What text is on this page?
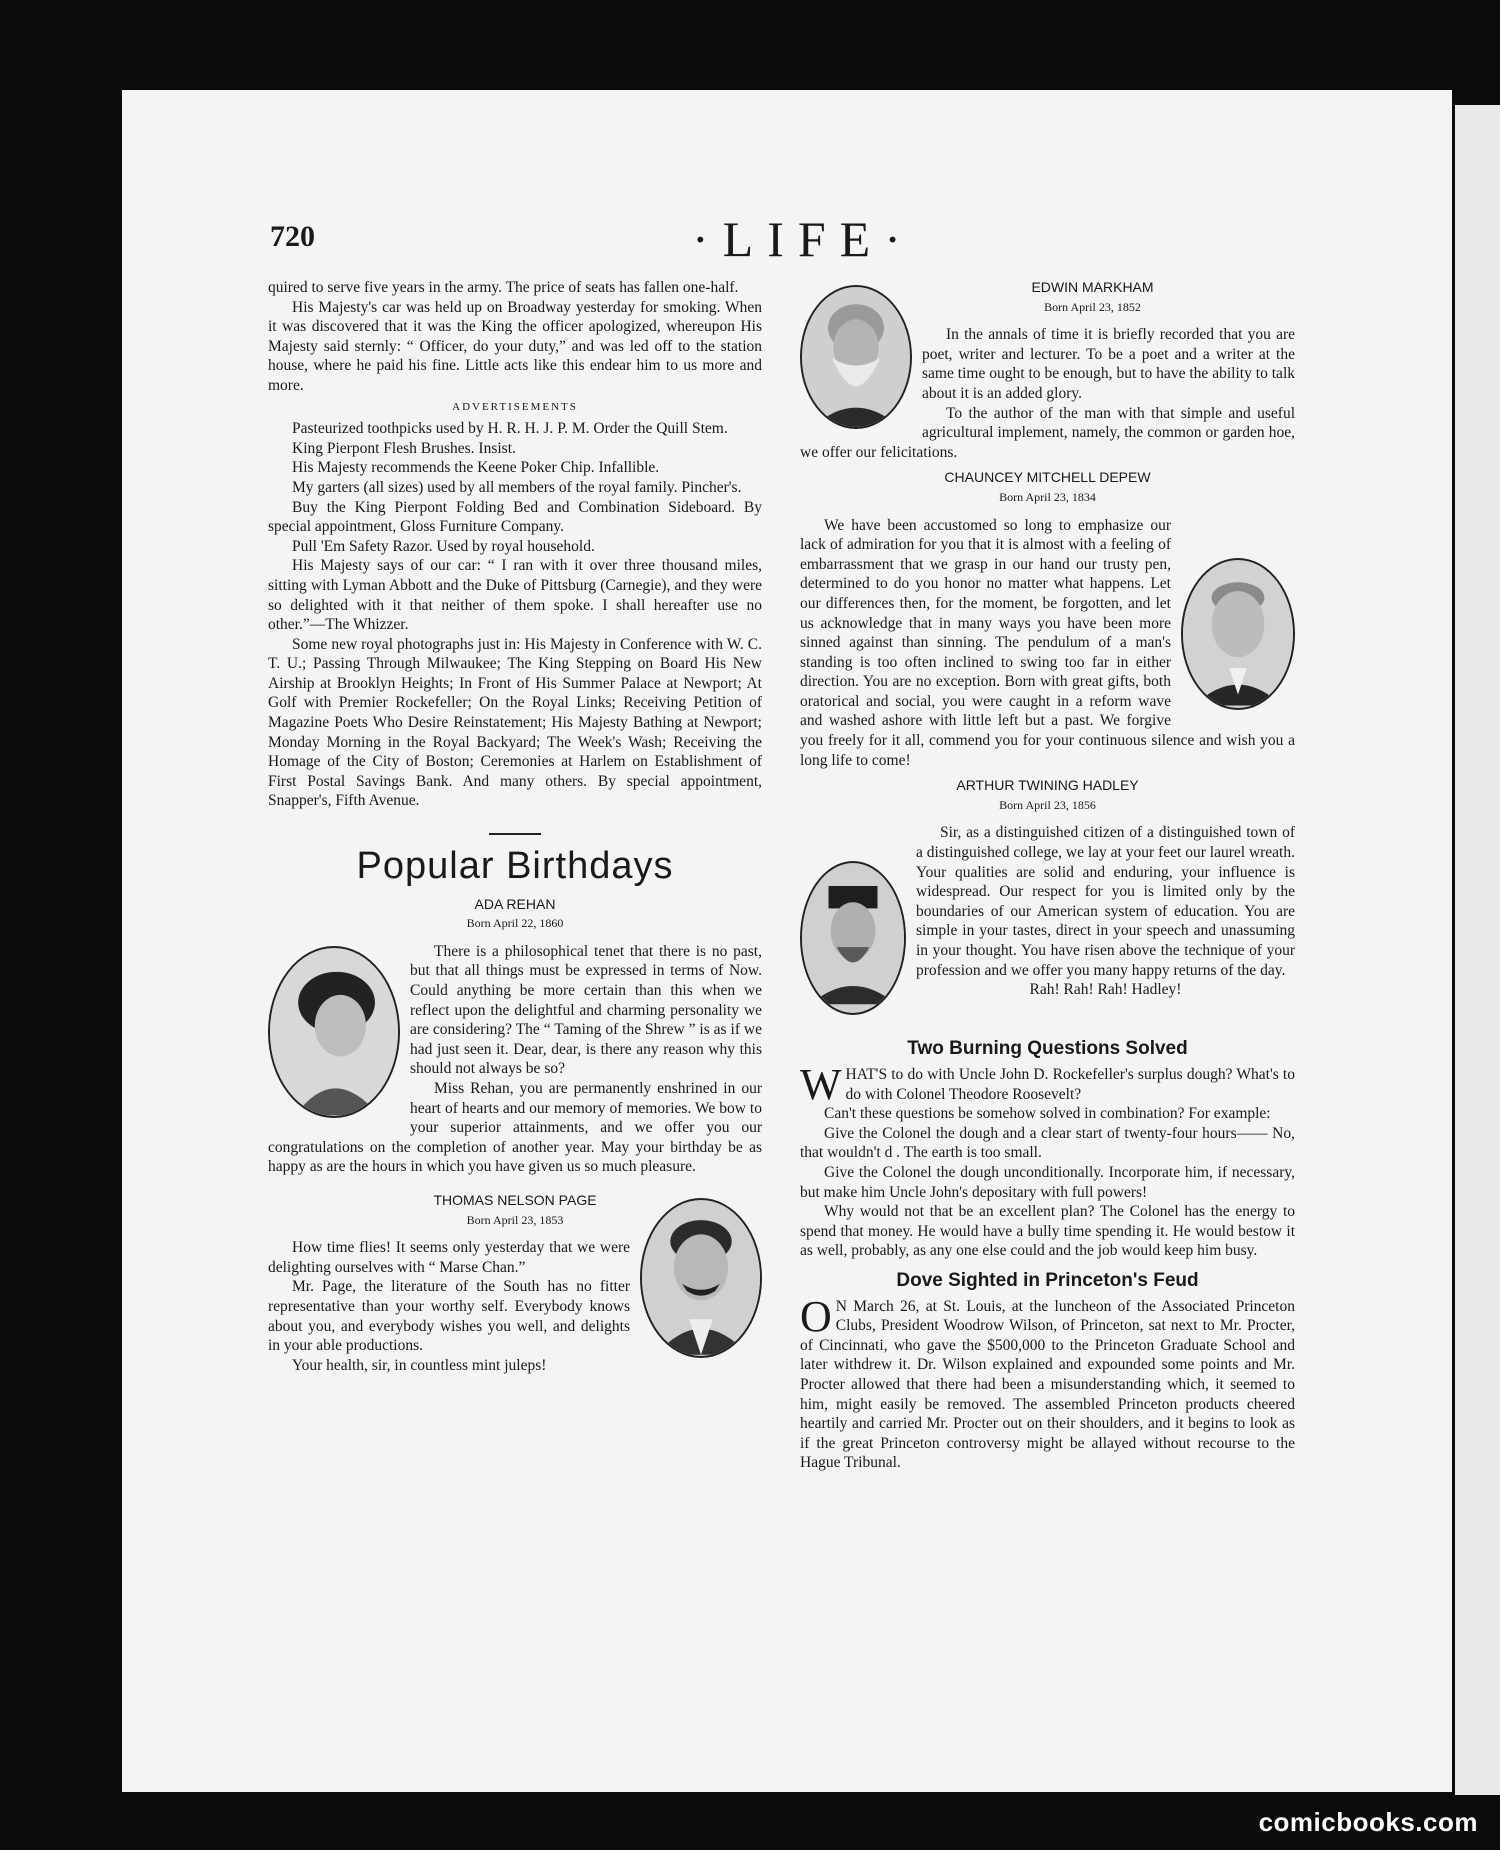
720	·LIFE·

quired to serve five years in the army. The price of seats has fallen one-half.

His Majesty's car was held up on Broadway yesterday for smoking. When it was discovered that it was the King the officer apologized, whereupon His Majesty said sternly: “ Officer, do your duty,” and was led off to the station house, where he paid his fine. Little acts like this endear him to us more and more.

ADVERTISEMENTS

Pasteurized toothpicks used by H. R. H. J. P. M. Order the Quill Stem.

King Pierpont Flesh Brushes. Insist.

His Majesty recommends the Keene Poker Chip. Infallible.

My garters (all sizes) used by all members of the royal family. Pincher's.

Buy the King Pierpont Folding Bed and Combination Sideboard. By special appointment, Gloss Furniture Company.

Pull 'Em Safety Razor. Used by royal household.

His Majesty says of our car: “ I ran with it over three thousand miles, sitting with Lyman Abbott and the Duke of Pittsburg (Carnegie), and they were so delighted with it that neither of them spoke. I shall hereafter use no other.”—The Whizzer.

Some new royal photographs just in: His Majesty in Conference with W. C. T. U.; Passing Through Milwaukee; The King Stepping on Board His New Airship at Brooklyn Heights; In Front of His Summer Palace at Newport; At Golf with Premier Rockefeller; On the Royal Links; Receiving Petition of Magazine Poets Who Desire Reinstatement; His Majesty Bathing at Newport; Monday Morning in the Royal Backyard; The Week's Wash; Receiving the Homage of the City of Boston; Ceremonies at Harlem on Establishment of First Postal Savings Bank. And many others. By special appointment, Snapper's, Fifth Avenue.

Popular Birthdays
ADA REHAN
Born April 22, 1860

There is a philosophical tenet that there is no past, but that all things must be expressed in terms of Now. Could anything be more certain than this when we reflect upon the delightful and charming personality we are considering? The “ Taming of the Shrew ” is as if we had just seen it. Dear, dear, is there any reason why this should not always be so?

Miss Rehan, you are permanently enshrined in our heart of hearts and our memory of memories. We bow to your superior attainments, and we offer you our congratulations on the completion of another year. May your birthday be as happy as are the hours in which you have given us so much pleasure.

THOMAS NELSON PAGE
Born April 23, 1853

How time flies! It seems only yesterday that we were delighting ourselves with “ Marse Chan.”

Mr. Page, the literature of the South has no fitter representative than your worthy self. Everybody knows about you, and everybody wishes you well, and delights in your able productions.

Your health, sir, in countless mint juleps!

EDWIN MARKHAM
Born April 23, 1852

In the annals of time it is briefly recorded that you are poet, writer and lecturer. To be a poet and a writer at the same time ought to be enough, but to have the ability to talk about it is an added glory.

To the author of the man with that simple and useful agricultural implement, namely, the common or garden hoe, we offer our felicitations.

CHAUNCEY MITCHELL DEPEW
Born April 23, 1834

We have been accustomed so long to emphasize our lack of admiration for you that it is almost with a feeling of embarrassment that we grasp in our hand our trusty pen, determined to do you honor no matter what happens. Let our differences then, for the moment, be forgotten, and let us acknowledge that in many ways you have been more sinned against than sinning. The pendulum of a man's standing is too often inclined to swing too far in either direction. You are no exception. Born with great gifts, both oratorical and social, you were caught in a reform wave and washed ashore with little left but a past. We forgive you freely for it all, commend you for your continuous silence and wish you a long life to come!

ARTHUR TWINING HADLEY
Born April 23, 1856

Sir, as a distinguished citizen of a distinguished town of a distinguished college, we lay at your feet our laurel wreath. Your qualities are solid and enduring, your influence is widespread. Our respect for you is limited only by the boundaries of our American system of education. You are simple in your tastes, direct in your speech and unassuming in your thought. You have risen above the technique of your profession and we offer you many happy returns of the day.

Rah! Rah! Rah! Hadley!

Two Burning Questions Solved

WHAT'S to do with Uncle John D. Rockefeller's surplus dough? What's to do with Colonel Theodore Roosevelt?

Can't these questions be somehow solved in combination? For example:

Give the Colonel the dough and a clear start of twenty-four hours—— No, that wouldn't d . The earth is too small.

Give the Colonel the dough unconditionally. Incorporate him, if necessary, but make him Uncle John's depositary with full powers!

Why would not that be an excellent plan? The Colonel has the energy to spend that money. He would have a bully time spending it. He would bestow it as well, probably, as any one else could and the job would keep him busy.

Dove Sighted in Princeton's Feud

O N March 26, at St. Louis, at the luncheon of the Associated Princeton Clubs, President Woodrow Wilson, of Princeton, sat next to Mr. Procter, of Cincinnati, who gave the $500,000 to the Princeton Graduate School and later withdrew it. Dr. Wilson explained and expounded some points and Mr. Procter allowed that there had been a misunderstanding which, it seemed to him, might easily be removed. The assembled Princeton products cheered heartily and carried Mr. Procter out on their shoulders, and it begins to look as if the great Princeton controversy might be allayed without recourse to the Hague Tribunal.

comicbooks.com
